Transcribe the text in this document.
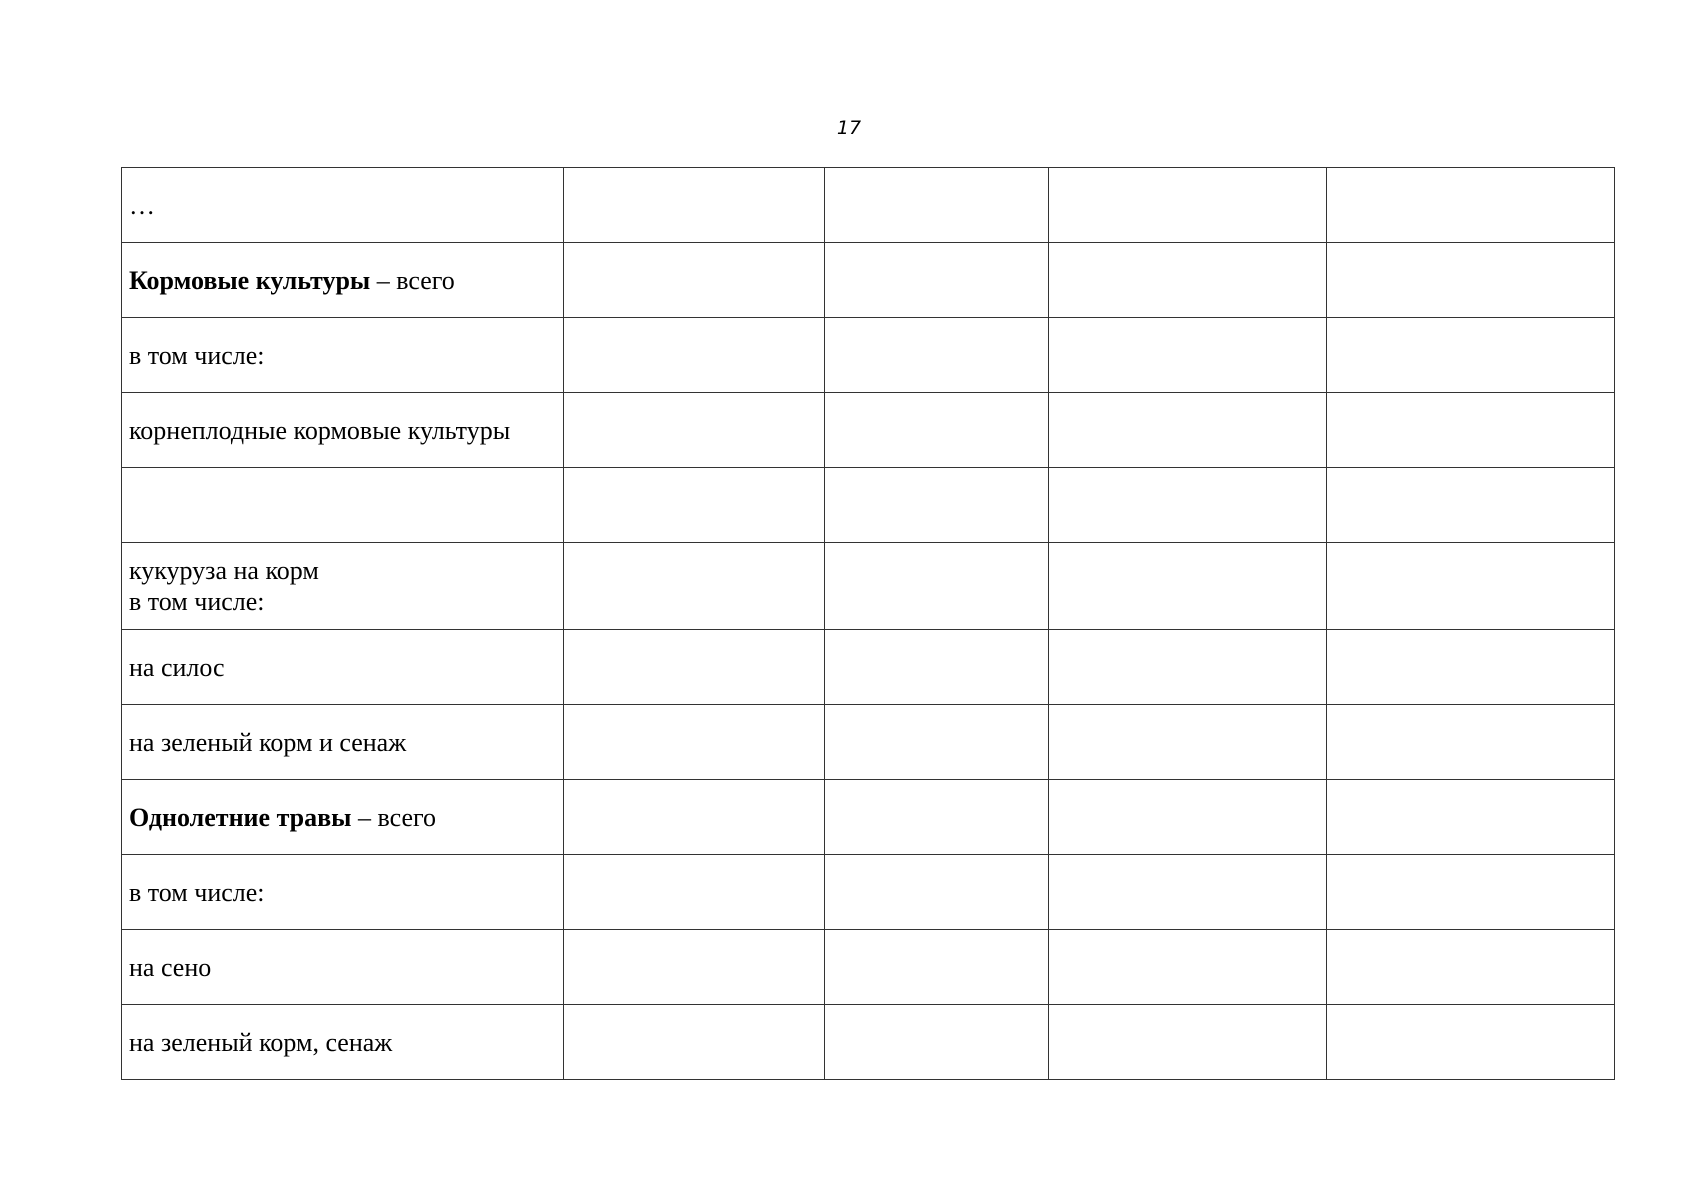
17
…				

Кормовые культуры – всего				

в том числе:				

корнеплодные кормовые культуры				

кукуруза на корм
в том числе:				

на силос				

на зеленый корм и сенаж				

Однолетние травы – всего				

в том числе:				

на сено				

на зеленый корм, сенаж				
